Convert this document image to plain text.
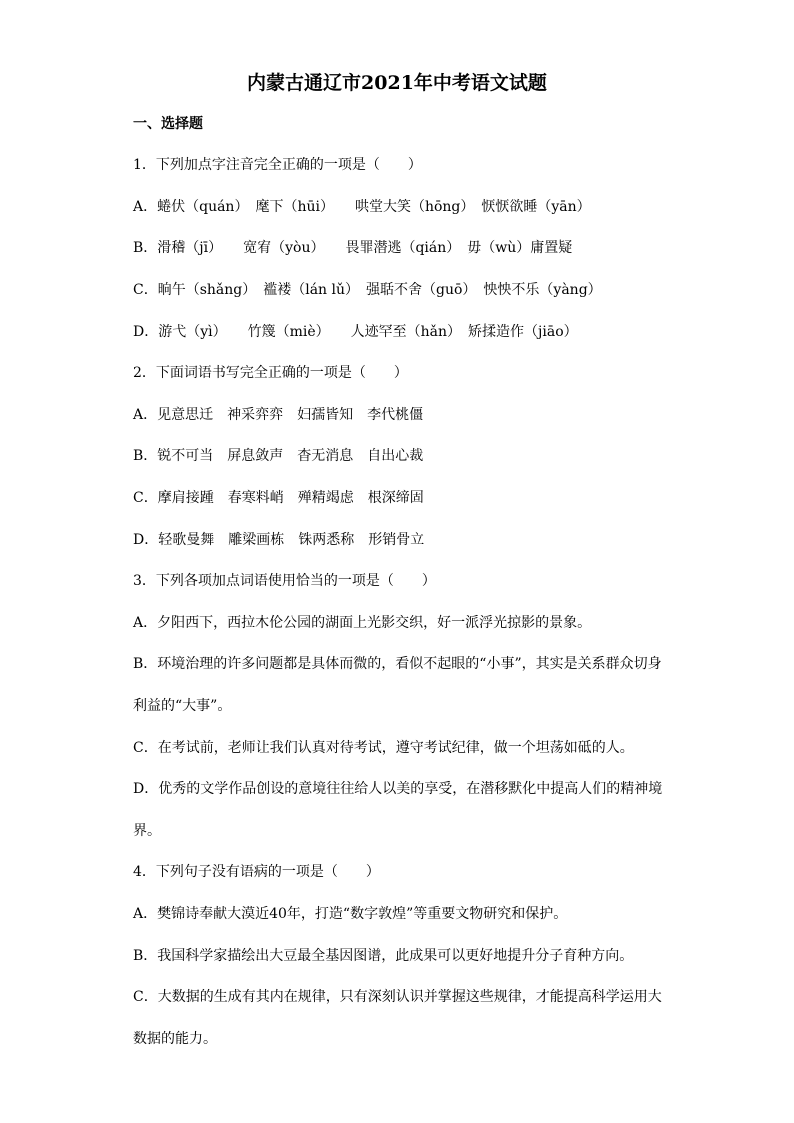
内蒙古通辽市2021年中考语文试题
一、选择题
1．下列加点字注音完全正确的一项是（　　）
A．蜷伏（quán）　麾下（hūi）　　哄堂大笑（hōng）　恹恹欲睡（yān）
B．滑稽（jī）　　宽宥（yòu）　　畏罪潜逃（qián）　毋（wù）庸置疑
C．晌午（shǎng）　褴褛（lán lǔ）　强聒不舍（guō）　怏怏不乐（yàng）
D．游弋（yì）　　竹篾（miè）　　人迹罕至（hǎn）　矫揉造作（jiāo）
2．下面词语书写完全正确的一项是（　　）
A．见意思迁　神采弈弈　妇孺皆知　李代桃僵
B．锐不可当　屏息敛声　杳无消息　自出心裁
C．摩肩接踵　春寒料峭　殚精竭虑　根深缔固
D．轻歌曼舞　雕梁画栋　铢两悉称　形销骨立
3．下列各项加点词语使用恰当的一项是（　　）
A．夕阳西下，西拉木伦公园的湖面上光影交织，好一派浮光掠影的景象。
B．环境治理的许多问题都是具体而微的，看似不起眼的“小事”，其实是关系群众切身
利益的“大事”。
C．在考试前，老师让我们认真对待考试，遵守考试纪律，做一个坦荡如砥的人。
D．优秀的文学作品创设的意境往往给人以美的享受，在潜移默化中提高人们的精神境
界。
4．下列句子没有语病的一项是（　　）
A．樊锦诗奉献大漠近40年，打造“数字敦煌”等重要文物研究和保护。
B．我国科学家描绘出大豆最全基因图谱，此成果可以更好地提升分子育种方向。
C．大数据的生成有其内在规律，只有深刻认识并掌握这些规律，才能提高科学运用大
数据的能力。
